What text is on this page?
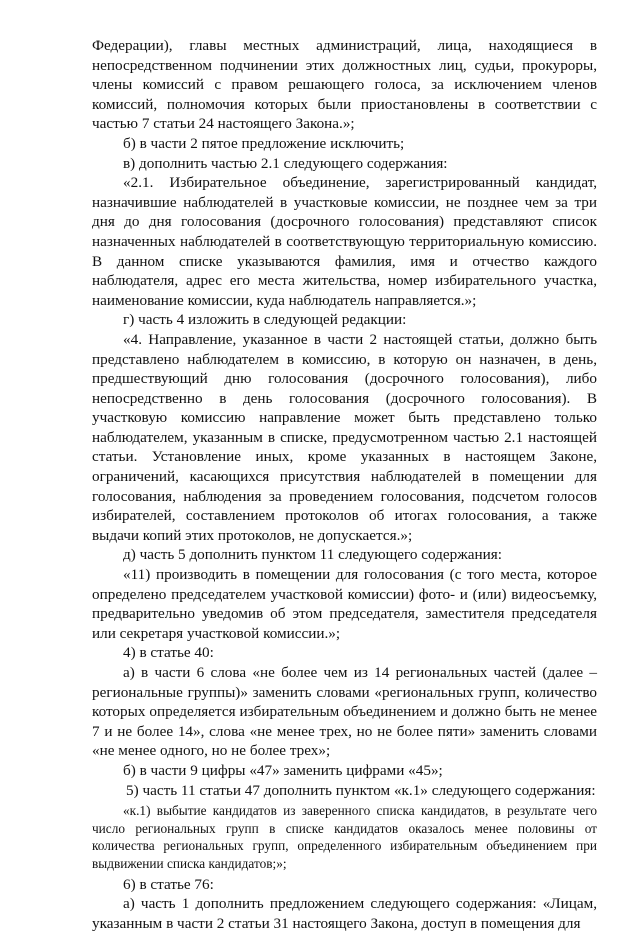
Федерации), главы местных администраций, лица, находящиеся в непосредственном подчинении этих должностных лиц, судьи, прокуроры, члены комиссий с правом решающего голоса, за исключением членов комиссий, полномочия которых были приостановлены в соответствии с частью 7 статьи 24 настоящего Закона.»;

б) в части 2 пятое предложение исключить;

в) дополнить частью 2.1 следующего содержания:

«2.1. Избирательное объединение, зарегистрированный кандидат, назначившие наблюдателей в участковые комиссии, не позднее чем за три дня до дня голосования (досрочного голосования) представляют список назначенных наблюдателей в соответствующую территориальную комиссию. В данном списке указываются фамилия, имя и отчество каждого наблюдателя, адрес его места жительства, номер избирательного участка, наименование комиссии, куда наблюдатель направляется.»;

г) часть 4 изложить в следующей редакции:

«4. Направление, указанное в части 2 настоящей статьи, должно быть представлено наблюдателем в комиссию, в которую он назначен, в день, предшествующий дню голосования (досрочного голосования), либо непосредственно в день голосования (досрочного голосования). В участковую комиссию направление может быть представлено только наблюдателем, указанным в списке, предусмотренном частью 2.1 настоящей статьи. Установление иных, кроме указанных в настоящем Законе, ограничений, касающихся присутствия наблюдателей в помещении для голосования, наблюдения за проведением голосования, подсчетом голосов избирателей, составлением протоколов об итогах голосования, а также выдачи копий этих протоколов, не допускается.»;

д) часть 5 дополнить пунктом 11 следующего содержания:

«11) производить в помещении для голосования (с того места, которое определено председателем участковой комиссии) фото- и (или) видеосъемку, предварительно уведомив об этом председателя, заместителя председателя или секретаря участковой комиссии.»;

4) в статье 40:

а) в части 6 слова «не более чем из 14 региональных частей (далее – региональные группы)» заменить словами «региональных групп, количество которых определяется избирательным объединением и должно быть не менее 7 и не более 14», слова «не менее трех, но не более пяти» заменить словами «не менее одного, но не более трех»;

б) в части 9 цифры «47» заменить цифрами «45»;

5) часть 11 статьи 47 дополнить пунктом «к.1» следующего содержания:

«к.1) выбытие кандидатов из заверенного списка кандидатов, в результате чего число региональных групп в списке кандидатов оказалось менее половины от количества региональных групп, определенного избирательным объединением при выдвижении списка кандидатов;»;

6) в статье 76:

а) часть 1 дополнить предложением следующего содержания: «Лицам, указанным в части 2 статьи 31 настоящего Закона, доступ в помещения для
